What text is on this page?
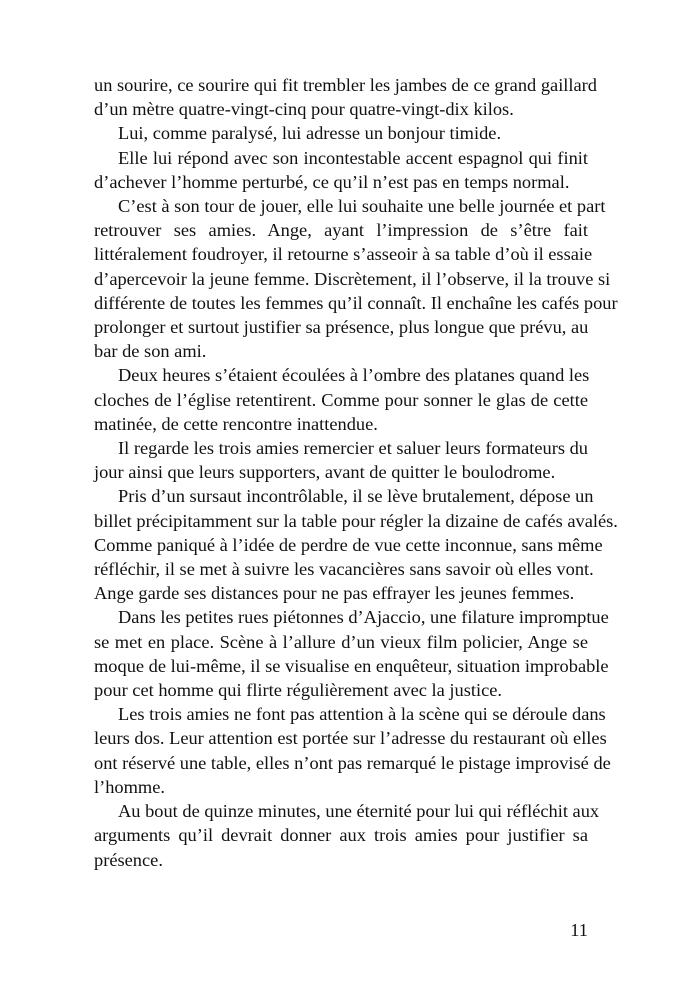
un sourire, ce sourire qui fit trembler les jambes de ce grand gaillard
d’un mètre quatre-vingt-cinq pour quatre-vingt-dix kilos.
Lui, comme paralysé, lui adresse un bonjour timide.
Elle lui répond avec son incontestable accent espagnol qui finit
d’achever l’homme perturbé, ce qu’il n’est pas en temps normal.
C’est à son tour de jouer, elle lui souhaite une belle journée et part
retrouver ses amies. Ange, ayant l’impression de s’être fait
littéralement foudroyer, il retourne s’asseoir à sa table d’où il essaie
d’apercevoir la jeune femme. Discrètement, il l’observe, il la trouve si
différente de toutes les femmes qu’il connaît. Il enchaîne les cafés pour
prolonger et surtout justifier sa présence, plus longue que prévu, au
bar de son ami.
Deux heures s’étaient écoulées à l’ombre des platanes quand les
cloches de l’église retentirent. Comme pour sonner le glas de cette
matinée, de cette rencontre inattendue.
Il regarde les trois amies remercier et saluer leurs formateurs du
jour ainsi que leurs supporters, avant de quitter le boulodrome.
Pris d’un sursaut incontrôlable, il se lève brutalement, dépose un
billet précipitamment sur la table pour régler la dizaine de cafés avalés.
Comme paniqué à l’idée de perdre de vue cette inconnue, sans même
réfléchir, il se met à suivre les vacancières sans savoir où elles vont.
Ange garde ses distances pour ne pas effrayer les jeunes femmes.
Dans les petites rues piétonnes d’Ajaccio, une filature impromptue
se met en place. Scène à l’allure d’un vieux film policier, Ange se
moque de lui-même, il se visualise en enquêteur, situation improbable
pour cet homme qui flirte régulièrement avec la justice.
Les trois amies ne font pas attention à la scène qui se déroule dans
leurs dos. Leur attention est portée sur l’adresse du restaurant où elles
ont réservé une table, elles n’ont pas remarqué le pistage improvisé de
l’homme.
Au bout de quinze minutes, une éternité pour lui qui réfléchit aux
arguments qu’il devrait donner aux trois amies pour justifier sa
présence.
11
